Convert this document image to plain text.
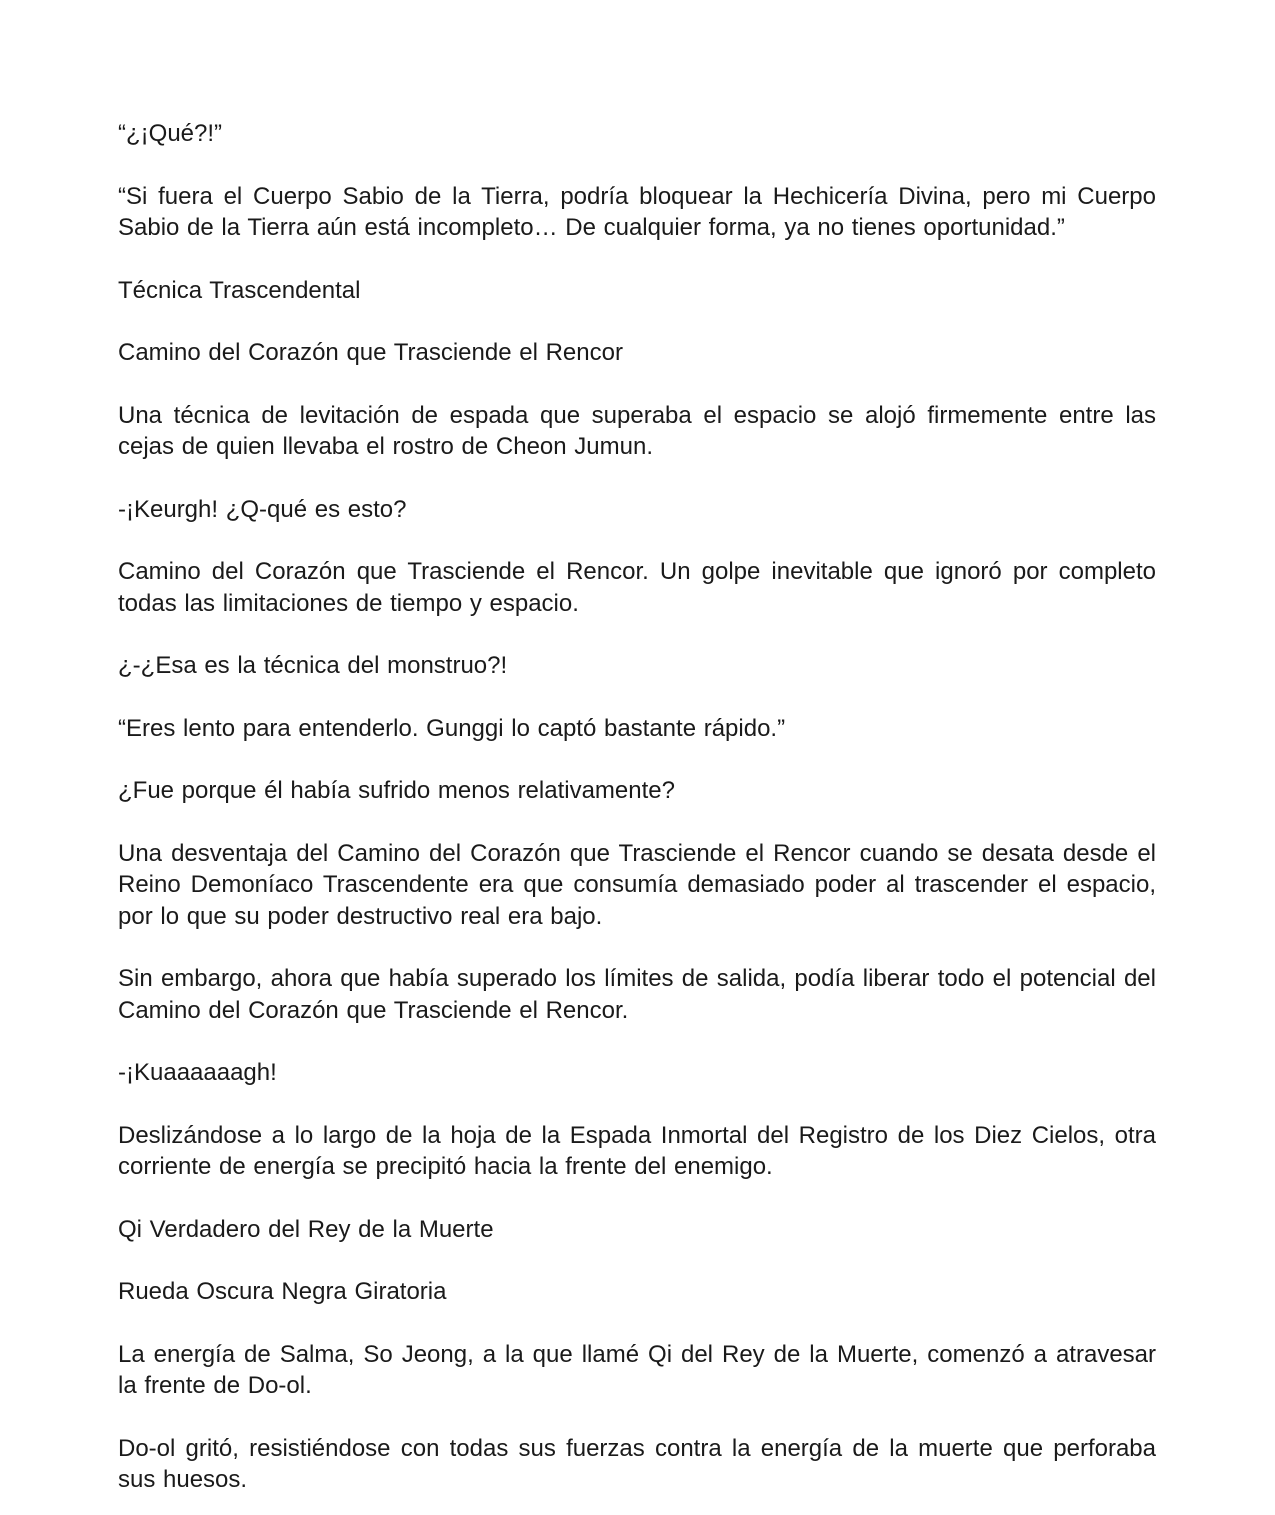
“¿¡Qué?!”

“Si fuera el Cuerpo Sabio de la Tierra, podría bloquear la Hechicería Divina, pero mi Cuerpo Sabio de la Tierra aún está incompleto… De cualquier forma, ya no tienes oportunidad.”

Técnica Trascendental

Camino del Corazón que Trasciende el Rencor

Una técnica de levitación de espada que superaba el espacio se alojó firmemente entre las cejas de quien llevaba el rostro de Cheon Jumun.

-¡Keurgh! ¿Q-qué es esto?

Camino del Corazón que Trasciende el Rencor. Un golpe inevitable que ignoró por completo todas las limitaciones de tiempo y espacio.

¿-¿Esa es la técnica del monstruo?!

“Eres lento para entenderlo. Gunggi lo captó bastante rápido.”

¿Fue porque él había sufrido menos relativamente?

Una desventaja del Camino del Corazón que Trasciende el Rencor cuando se desata desde el Reino Demoníaco Trascendente era que consumía demasiado poder al trascender el espacio, por lo que su poder destructivo real era bajo.

Sin embargo, ahora que había superado los límites de salida, podía liberar todo el potencial del Camino del Corazón que Trasciende el Rencor.

-¡Kuaaaaaagh!

Deslizándose a lo largo de la hoja de la Espada Inmortal del Registro de los Diez Cielos, otra corriente de energía se precipitó hacia la frente del enemigo.

Qi Verdadero del Rey de la Muerte

Rueda Oscura Negra Giratoria

La energía de Salma, So Jeong, a la que llamé Qi del Rey de la Muerte, comenzó a atravesar la frente de Do-ol.

Do-ol gritó, resistiéndose con todas sus fuerzas contra la energía de la muerte que perforaba sus huesos.
